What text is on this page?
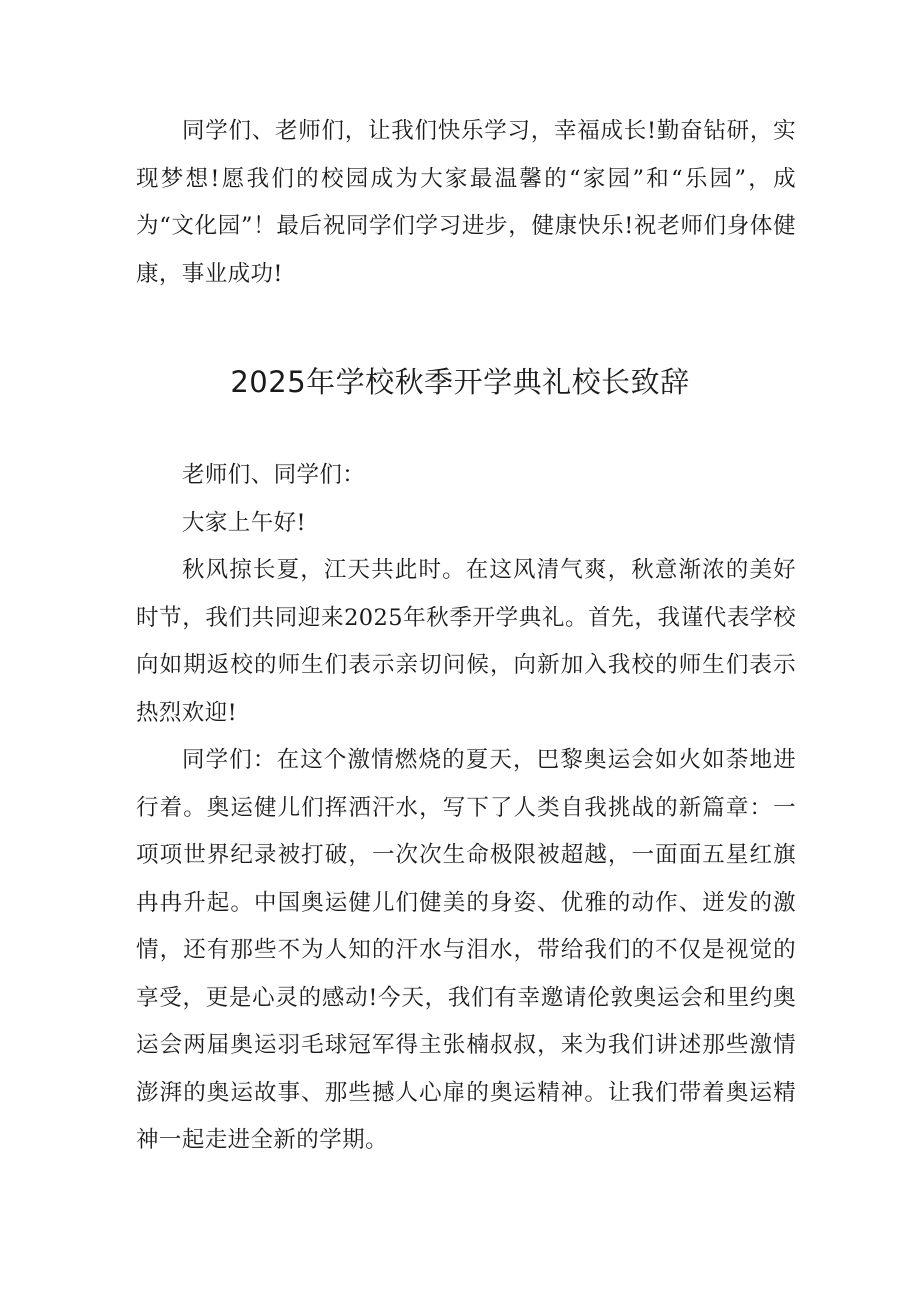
同学们、老师们，让我们快乐学习，幸福成长!勤奋钻研，实现梦想!愿我们的校园成为大家最温馨的“家园”和“乐园”，成为“文化园”！最后祝同学们学习进步，健康快乐!祝老师们身体健康，事业成功!

2025年学校秋季开学典礼校长致辞

老师们、同学们：

大家上午好!

秋风掠长夏，江天共此时。在这风清气爽，秋意渐浓的美好时节，我们共同迎来2025年秋季开学典礼。首先，我谨代表学校向如期返校的师生们表示亲切问候，向新加入我校的师生们表示热烈欢迎!

同学们：在这个激情燃烧的夏天，巴黎奥运会如火如荼地进行着。奥运健儿们挥洒汗水，写下了人类自我挑战的新篇章：一项项世界纪录被打破，一次次生命极限被超越，一面面五星红旗冉冉升起。中国奥运健儿们健美的身姿、优雅的动作、迸发的激情，还有那些不为人知的汗水与泪水，带给我们的不仅是视觉的享受，更是心灵的感动!今天，我们有幸邀请伦敦奥运会和里约奥运会两届奥运羽毛球冠军得主张楠叔叔，来为我们讲述那些激情澎湃的奥运故事、那些撼人心扉的奥运精神。让我们带着奥运精神一起走进全新的学期。
